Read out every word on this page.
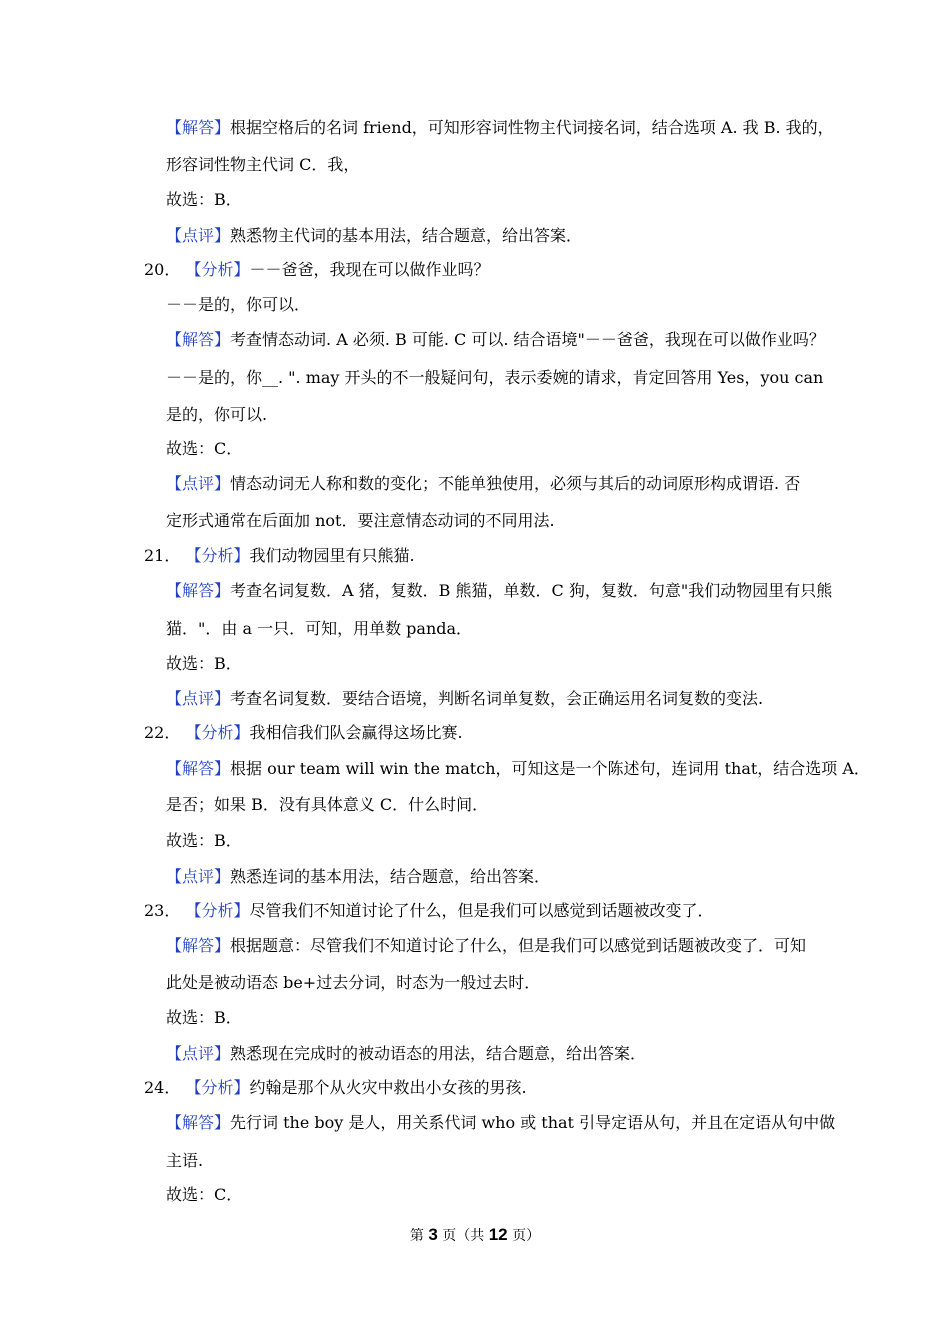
【解答】根据空格后的名词 friend，可知形容词性物主代词接名词，结合选项 A. 我 B. 我的，
形容词性物主代词 C．我，
故选：B．
【点评】熟悉物主代词的基本用法，结合题意，给出答案．
20． 【分析】－－爸爸，我现在可以做作业吗？
－－是的，你可以．
【解答】考查情态动词. A 必须. B 可能. C 可以. 结合语境"－－爸爸，我现在可以做作业吗？
－－是的，你__. ". may 开头的不一般疑问句，表示委婉的请求，肯定回答用 Yes，you can
是的，你可以.
故选：C．
【点评】情态动词无人称和数的变化；不能单独使用，必须与其后的动词原形构成谓语. 否
定形式通常在后面加 not．要注意情态动词的不同用法.
21． 【分析】我们动物园里有只熊猫.
【解答】考查名词复数．A 猪，复数．B 熊猫，单数．C 狗，复数．句意"我们动物园里有只熊
猫．"．由 a 一只．可知，用单数 panda．
故选：B．
【点评】考查名词复数．要结合语境，判断名词单复数，会正确运用名词复数的变法.
22． 【分析】我相信我们队会赢得这场比赛.
【解答】根据 our team will win the match，可知这是一个陈述句，连词用 that，结合选项 A．
是否；如果 B．没有具体意义 C．什么时间．
故选：B．
【点评】熟悉连词的基本用法，结合题意，给出答案．
23． 【分析】尽管我们不知道讨论了什么，但是我们可以感觉到话题被改变了．
【解答】根据题意：尽管我们不知道讨论了什么，但是我们可以感觉到话题被改变了．可知
此处是被动语态 be+过去分词，时态为一般过去时．
故选：B．
【点评】熟悉现在完成时的被动语态的用法，结合题意，给出答案．
24． 【分析】约翰是那个从火灾中救出小女孩的男孩.
【解答】先行词 the boy 是人，用关系代词 who 或 that 引导定语从句，并且在定语从句中做
主语.
故选：C．
第 3 页（共 12 页）
